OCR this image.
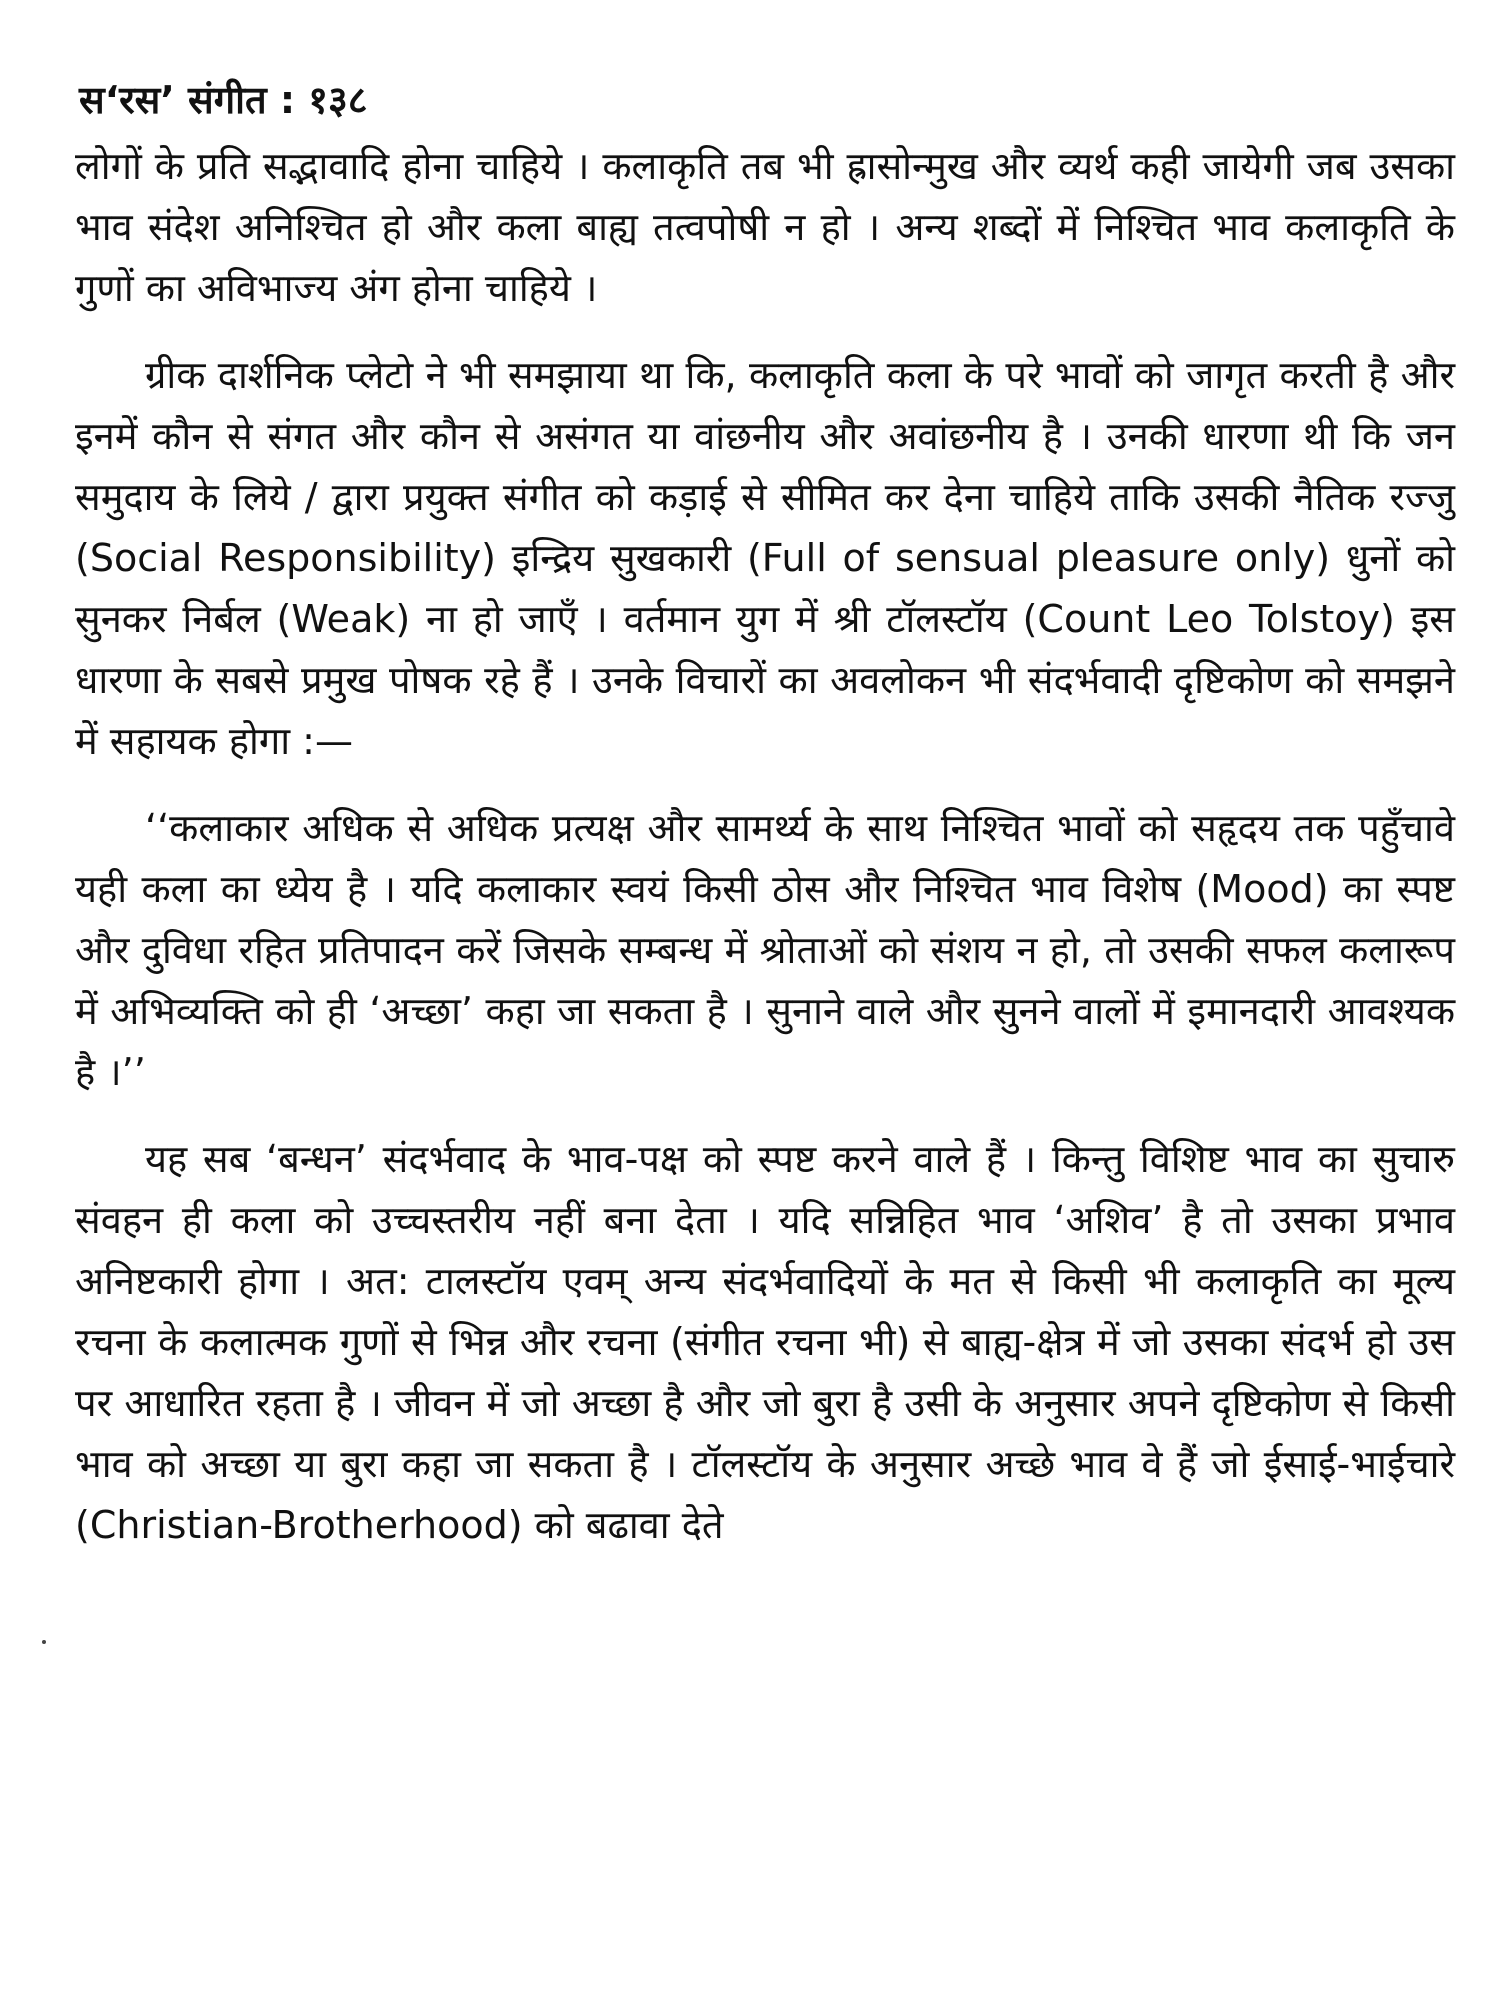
स‘रस’ संगीत : १३८

लोगों के प्रति सद्भावादि होना चाहिये । कलाकृति तब भी ह्रासोन्मुख और व्यर्थ कही जायेगी जब उसका भाव संदेश अनिश्चित हो और कला बाह्य तत्वपोषी न हो । अन्य शब्दों में निश्चित भाव कलाकृति के गुणों का अविभाज्य अंग होना चाहिये ।

ग्रीक दार्शनिक प्लेटो ने भी समझाया था कि, कलाकृति कला के परे भावों को जागृत करती है और इनमें कौन से संगत और कौन से असंगत या वांछनीय और अवांछनीय है । उनकी धारणा थी कि जन समुदाय के लिये / द्वारा प्रयुक्त संगीत को कड़ाई से सीमित कर देना चाहिये ताकि उसकी नैतिक रज्जु (Social Responsibility) इन्द्रिय सुखकारी (Full of sensual pleasure only) धुनों को सुनकर निर्बल (Weak) ना हो जाएँ । वर्तमान युग में श्री टॉलस्टॉय (Count Leo Tolstoy) इस धारणा के सबसे प्रमुख पोषक रहे हैं । उनके विचारों का अवलोकन भी संदर्भवादी दृष्टिकोण को समझने में सहायक होगा :—

‘‘कलाकार अधिक से अधिक प्रत्यक्ष और सामर्थ्य के साथ निश्चित भावों को सहृदय तक पहुँचावे यही कला का ध्येय है । यदि कलाकार स्वयं किसी ठोस और निश्चित भाव विशेष (Mood) का स्पष्ट और दुविधा रहित प्रतिपादन करें जिसके सम्बन्ध में श्रोताओं को संशय न हो, तो उसकी सफल कलारूप में अभिव्यक्ति को ही ‘अच्छा’ कहा जा सकता है । सुनाने वाले और सुनने वालों में इमानदारी आवश्यक है ।’’

यह सब ‘बन्धन’ संदर्भवाद के भाव-पक्ष को स्पष्ट करने वाले हैं । किन्तु विशिष्ट भाव का सुचारु संवहन ही कला को उच्चस्तरीय नहीं बना देता । यदि सन्निहित भाव ‘अशिव’ है तो उसका प्रभाव अनिष्टकारी होगा । अत: टालस्टॉय एवम् अन्य संदर्भवादियों के मत से किसी भी कलाकृति का मूल्य रचना के कलात्मक गुणों से भिन्न और रचना (संगीत रचना भी) से बाह्य-क्षेत्र में जो उसका संदर्भ हो उस पर आधारित रहता है । जीवन में जो अच्छा है और जो बुरा है उसी के अनुसार अपने दृष्टिकोण से किसी भाव को अच्छा या बुरा कहा जा सकता है । टॉलस्टॉय के अनुसार अच्छे भाव वे हैं जो ईसाई-भाईचारे (Christian-Brotherhood) को बढावा देते
